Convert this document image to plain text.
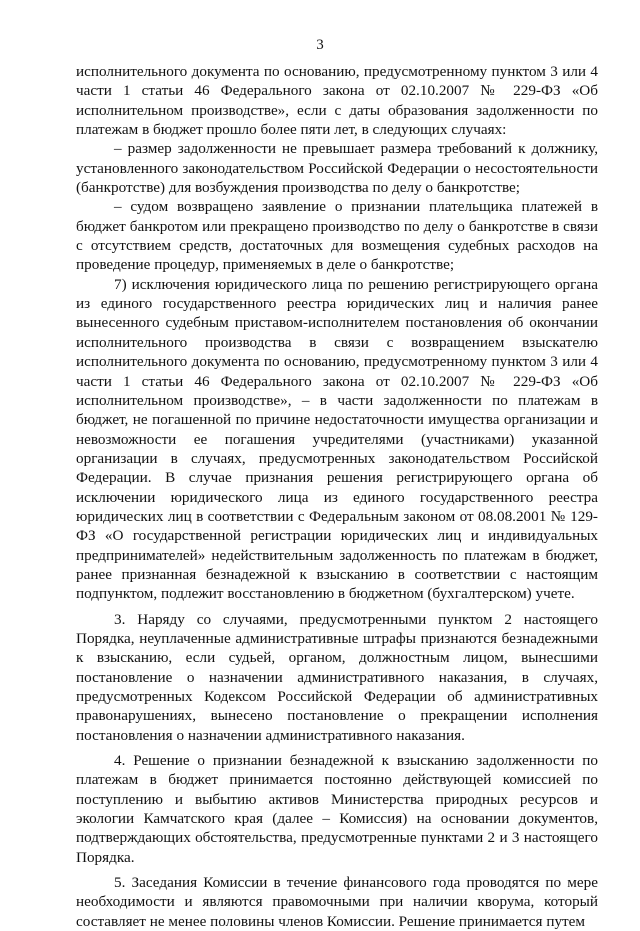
3

исполнительного документа по основанию, предусмотренному пунктом 3 или 4 части 1 статьи 46 Федерального закона от 02.10.2007 № 229-ФЗ «Об исполнительном производстве», если с даты образования задолженности по платежам в бюджет прошло более пяти лет, в следующих случаях:

– размер задолженности не превышает размера требований к должнику, установленного законодательством Российской Федерации о несостоятельности (банкротстве) для возбуждения производства по делу о банкротстве;

– судом возвращено заявление о признании плательщика платежей в бюджет банкротом или прекращено производство по делу о банкротстве в связи с отсутствием средств, достаточных для возмещения судебных расходов на проведение процедур, применяемых в деле о банкротстве;

7) исключения юридического лица по решению регистрирующего органа из единого государственного реестра юридических лиц и наличия ранее вынесенного судебным приставом-исполнителем постановления об окончании исполнительного производства в связи с возвращением взыскателю исполнительного документа по основанию, предусмотренному пунктом 3 или 4 части 1 статьи 46 Федерального закона от 02.10.2007 № 229-ФЗ «Об исполнительном производстве», – в части задолженности по платежам в бюджет, не погашенной по причине недостаточности имущества организации и невозможности ее погашения учредителями (участниками) указанной организации в случаях, предусмотренных законодательством Российской Федерации. В случае признания решения регистрирующего органа об исключении юридического лица из единого государственного реестра юридических лиц в соответствии с Федеральным законом от 08.08.2001 № 129-ФЗ «О государственной регистрации юридических лиц и индивидуальных предпринимателей» недействительным задолженность по платежам в бюджет, ранее признанная безнадежной к взысканию в соответствии с настоящим подпунктом, подлежит восстановлению в бюджетном (бухгалтерском) учете.

3. Наряду со случаями, предусмотренными пунктом 2 настоящего Порядка, неуплаченные административные штрафы признаются безнадежными к взысканию, если судьей, органом, должностным лицом, вынесшими постановление о назначении административного наказания, в случаях, предусмотренных Кодексом Российской Федерации об административных правонарушениях, вынесено постановление о прекращении исполнения постановления о назначении административного наказания.

4. Решение о признании безнадежной к взысканию задолженности по платежам в бюджет принимается постоянно действующей комиссией по поступлению и выбытию активов Министерства природных ресурсов и экологии Камчатского края (далее – Комиссия) на основании документов, подтверждающих обстоятельства, предусмотренные пунктами 2 и 3 настоящего Порядка.

5. Заседания Комиссии в течение финансового года проводятся по мере необходимости и являются правомочными при наличии кворума, который составляет не менее половины членов Комиссии. Решение принимается путем
